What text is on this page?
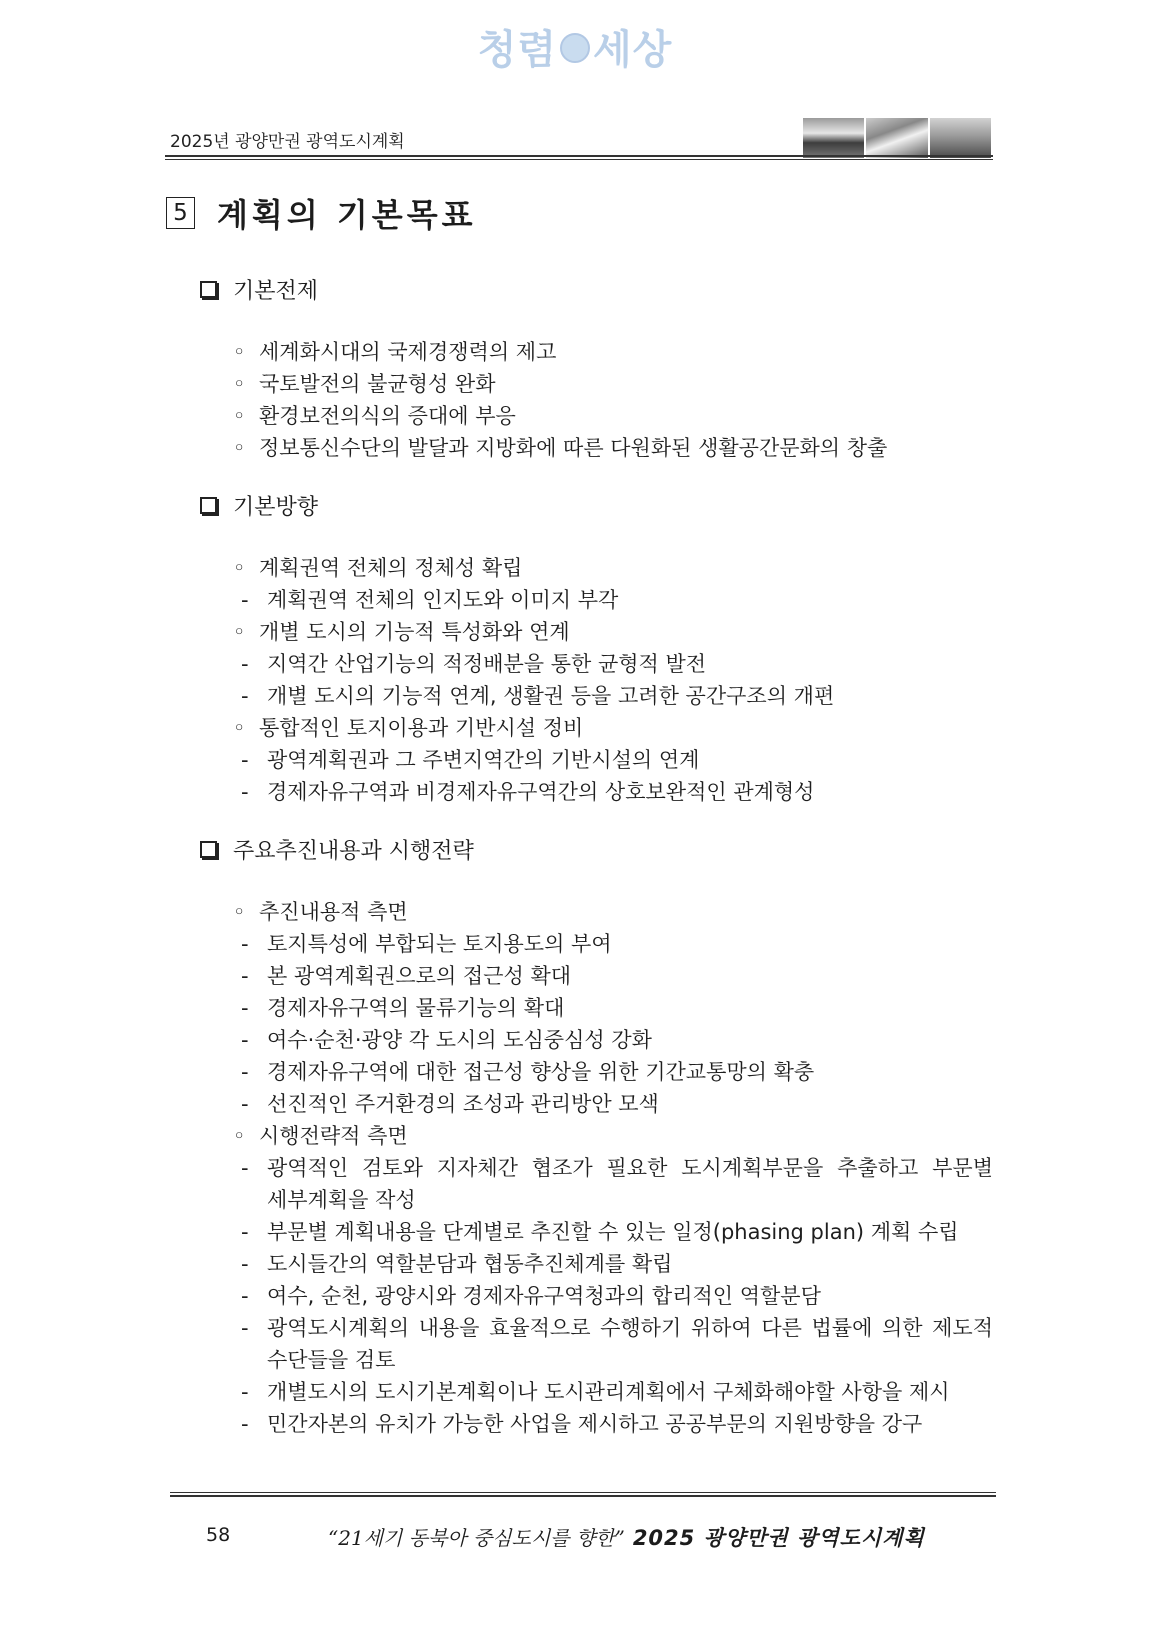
청렴 세상
2025년 광양만권 광역도시계획
5 계획의 기본목표
기본전제
◦ 세계화시대의 국제경쟁력의 제고
◦ 국토발전의 불균형성 완화
◦ 환경보전의식의 증대에 부응
◦ 정보통신수단의 발달과 지방화에 따른 다원화된 생활공간문화의 창출
기본방향
◦ 계획권역 전체의 정체성 확립
- 계획권역 전체의 인지도와 이미지 부각
◦ 개별 도시의 기능적 특성화와 연계
- 지역간 산업기능의 적정배분을 통한 균형적 발전
- 개별 도시의 기능적 연계, 생활권 등을 고려한 공간구조의 개편
◦ 통합적인 토지이용과 기반시설 정비
- 광역계획권과 그 주변지역간의 기반시설의 연계
- 경제자유구역과 비경제자유구역간의 상호보완적인 관계형성
주요추진내용과 시행전략
◦ 추진내용적 측면
- 토지특성에 부합되는 토지용도의 부여
- 본 광역계획권으로의 접근성 확대
- 경제자유구역의 물류기능의 확대
- 여수·순천·광양 각 도시의 도심중심성 강화
- 경제자유구역에 대한 접근성 향상을 위한 기간교통망의 확충
- 선진적인 주거환경의 조성과 관리방안 모색
◦ 시행전략적 측면
- 광역적인 검토와 지자체간 협조가 필요한 도시계획부문을 추출하고 부문별
세부계획을 작성
- 부문별 계획내용을 단계별로 추진할 수 있는 일정(phasing plan) 계획 수립
- 도시들간의 역할분담과 협동추진체계를 확립
- 여수, 순천, 광양시와 경제자유구역청과의 합리적인 역할분담
- 광역도시계획의 내용을 효율적으로 수행하기 위하여 다른 법률에 의한 제도적
수단들을 검토
- 개별도시의 도시기본계획이나 도시관리계획에서 구체화해야할 사항을 제시
- 민간자본의 유치가 가능한 사업을 제시하고 공공부문의 지원방향을 강구
58	“21세기 동북아 중심도시를 향한” 2025 광양만권 광역도시계획
